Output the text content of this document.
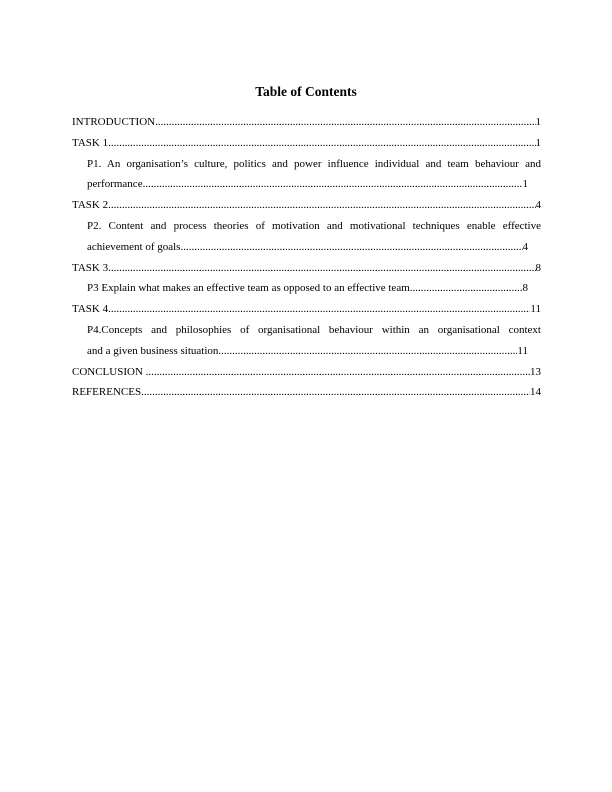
Table of Contents
INTRODUCTION .....	1
TASK 1 .....	1
P1. An organisation’s culture, politics and power influence individual and team behaviour and
performance .....	1
TASK 2 .....	4
P2. Content and process theories of motivation and motivational techniques enable effective
achievement of goals .....	4
TASK 3 .....	8
P3 Explain what makes an effective team as opposed to an effective team .....	8
TASK 4 .....	11
P4.Concepts and philosophies of organisational behaviour within an organisational context
and a given business situation .....	11
CONCLUSION .....	13
REFERENCES .....	14
